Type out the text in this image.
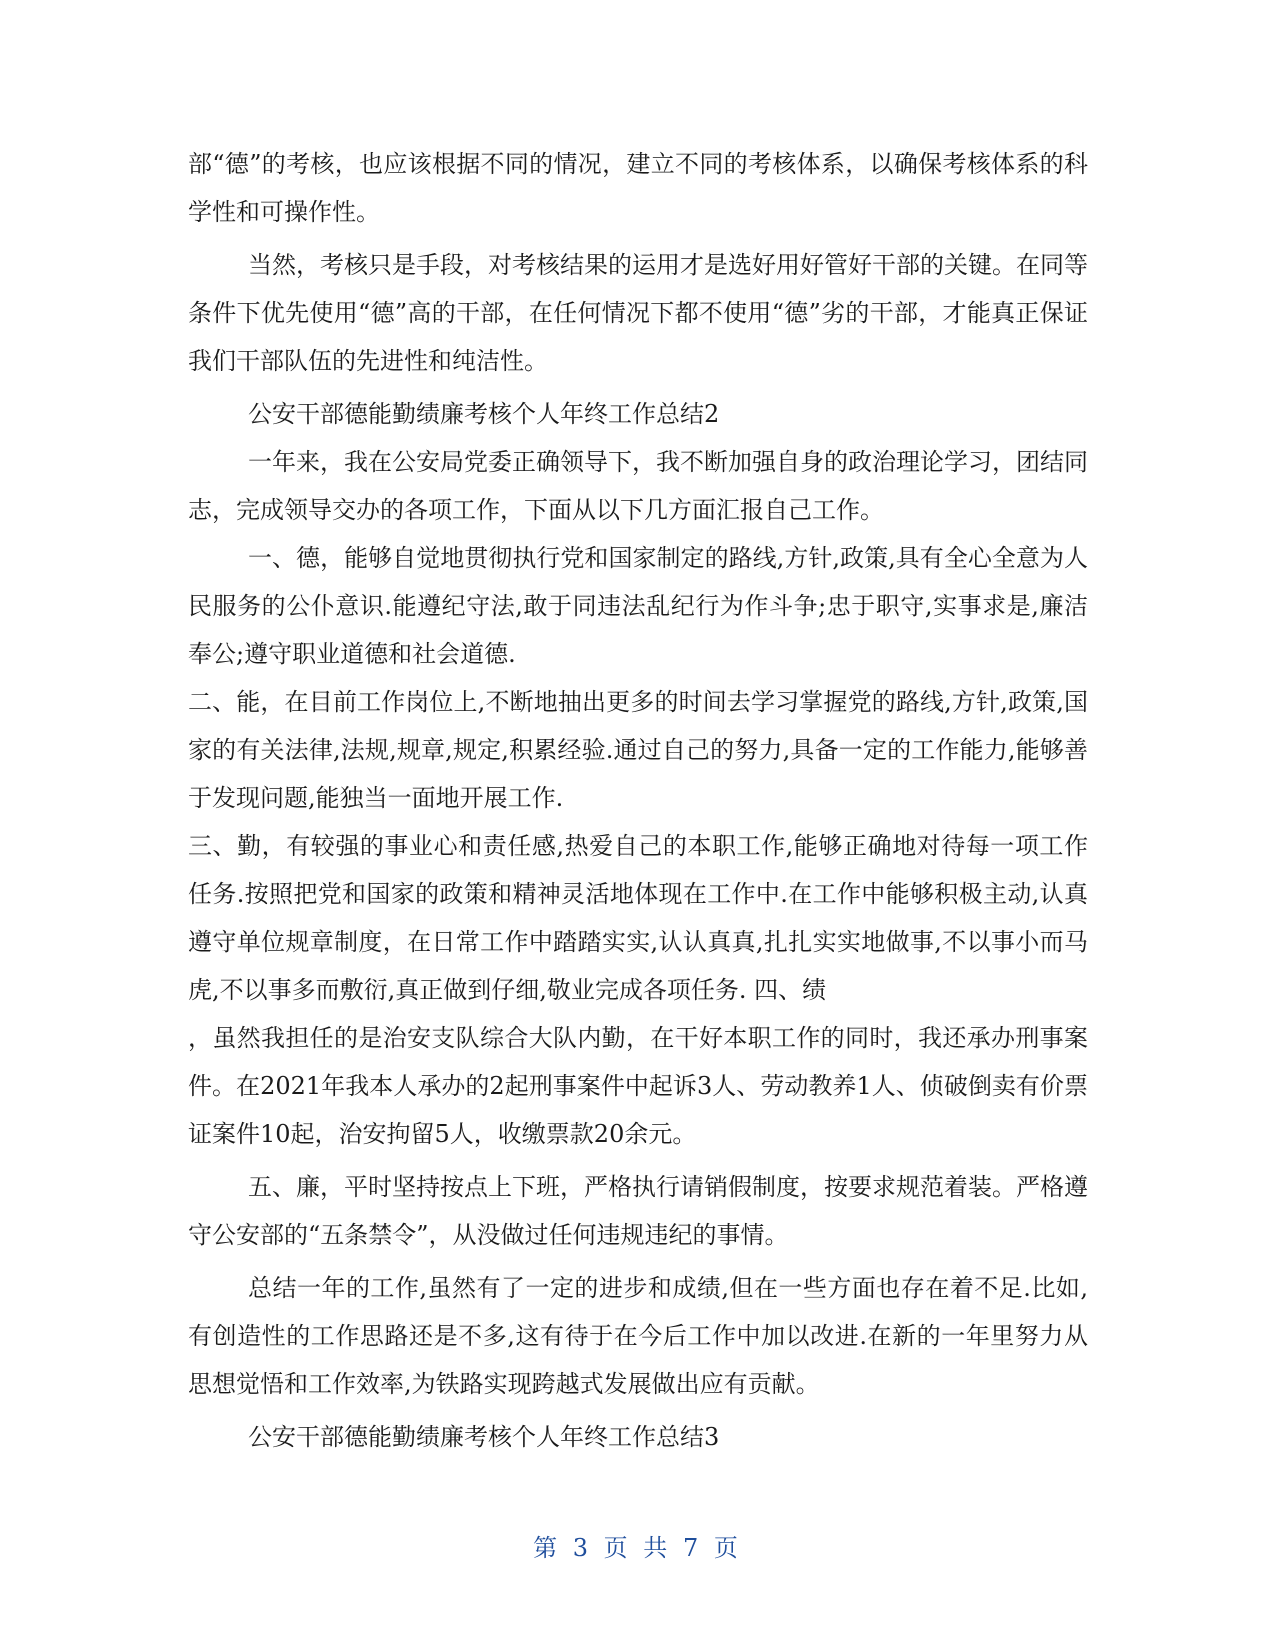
部“德”的考核，也应该根据不同的情况，建立不同的考核体系，以确保考核体系的科学性和可操作性。

当然，考核只是手段，对考核结果的运用才是选好用好管好干部的关键。在同等条件下优先使用“德”高的干部，在任何情况下都不使用“德”劣的干部，才能真正保证我们干部队伍的先进性和纯洁性。

公安干部德能勤绩廉考核个人年终工作总结2

一年来，我在公安局党委正确领导下，我不断加强自身的政治理论学习，团结同志，完成领导交办的各项工作，下面从以下几方面汇报自己工作。

一、德，能够自觉地贯彻执行党和国家制定的路线,方针,政策,具有全心全意为人民服务的公仆意识.能遵纪守法,敢于同违法乱纪行为作斗争;忠于职守,实事求是,廉洁奉公;遵守职业道德和社会道德.

二、能，在目前工作岗位上,不断地抽出更多的时间去学习掌握党的路线,方针,政策,国家的有关法律,法规,规章,规定,积累经验.通过自己的努力,具备一定的工作能力,能够善于发现问题,能独当一面地开展工作.

三、勤，有较强的事业心和责任感,热爱自己的本职工作,能够正确地对待每一项工作任务.按照把党和国家的政策和精神灵活地体现在工作中.在工作中能够积极主动,认真遵守单位规章制度，在日常工作中踏踏实实,认认真真,扎扎实实地做事,不以事小而马虎,不以事多而敷衍,真正做到仔细,敬业完成各项任务. 四、绩

，虽然我担任的是治安支队综合大队内勤，在干好本职工作的同时，我还承办刑事案件。在2021年我本人承办的2起刑事案件中起诉3人、劳动教养1人、侦破倒卖有价票证案件10起，治安拘留5人，收缴票款20余元。

五、廉，平时坚持按点上下班，严格执行请销假制度，按要求规范着装。严格遵守公安部的“五条禁令”，从没做过任何违规违纪的事情。

总结一年的工作,虽然有了一定的进步和成绩,但在一些方面也存在着不足.比如,有创造性的工作思路还是不多,这有待于在今后工作中加以改进.在新的一年里努力从思想觉悟和工作效率,为铁路实现跨越式发展做出应有贡献。

公安干部德能勤绩廉考核个人年终工作总结3

第 3 页 共 7 页
